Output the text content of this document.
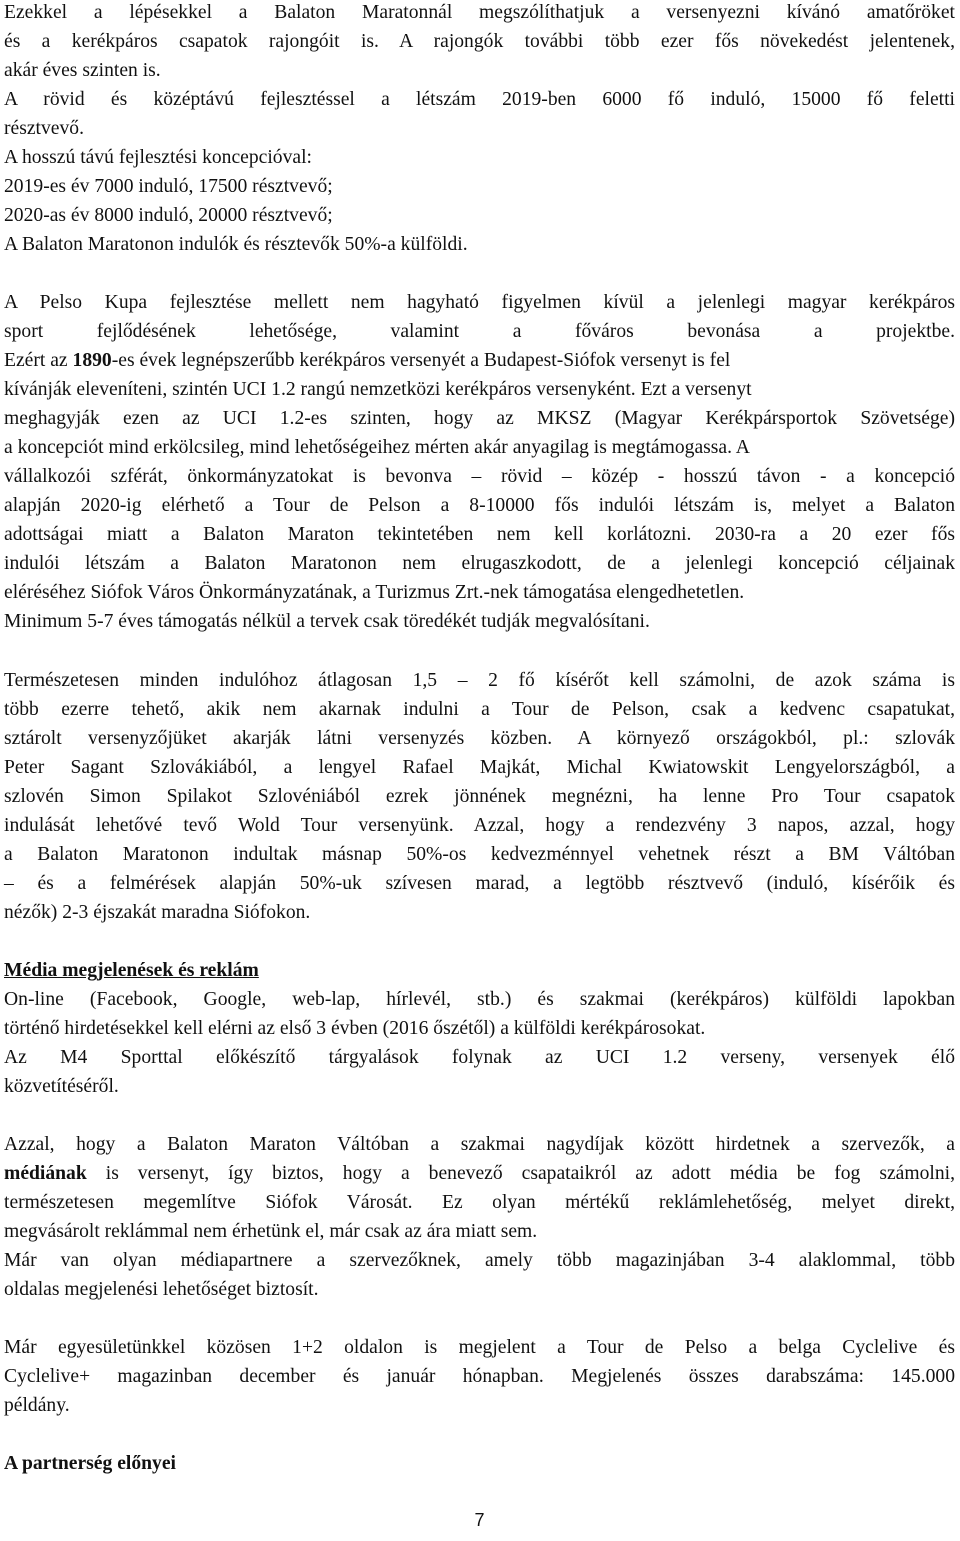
Ezekkel a lépésekkel a Balaton Maratonnál megszólíthatjuk a versenyezni kívánó amatőröket
és a kerékpáros csapatok rajongóit is. A rajongók további több ezer fős növekedést jelentenek,
akár éves szinten is.
A rövid és középtávú fejlesztéssel a létszám 2019-ben 6000 fő induló, 15000 fő feletti
résztvevő.
A hosszú távú fejlesztési koncepcióval:
2019-es év 7000 induló, 17500 résztvevő;
2020-as év 8000 induló, 20000 résztvevő;
A Balaton Maratonon indulók és résztevők 50%-a külföldi.
A Pelso Kupa fejlesztése mellett nem hagyható figyelmen kívül a jelenlegi magyar kerékpáros
sport fejlődésének lehetősége, valamint a főváros bevonása a projektbe.
Ezért az 1890-es évek legnépszerűbb kerékpáros versenyét a Budapest-Siófok versenyt is fel
kívánják eleveníteni, szintén UCI 1.2 rangú nemzetközi kerékpáros versenyként. Ezt a versenyt
meghagyják ezen az UCI 1.2-es szinten, hogy az MKSZ (Magyar Kerékpársportok Szövetsége)
a koncepciót mind erkölcsileg, mind lehetőségeihez mérten akár anyagilag is megtámogassa. A
vállalkozói szférát, önkormányzatokat is bevonva – rövid – közép - hosszú távon - a koncepció
alapján 2020-ig elérhető a Tour de Pelson a 8-10000 fős indulói létszám is, melyet a Balaton
adottságai miatt a Balaton Maraton tekintetében nem kell korlátozni. 2030-ra a 20 ezer fős
indulói létszám a Balaton Maratonon nem elrugaszkodott, de a jelenlegi koncepció céljainak
eléréséhez Siófok Város Önkormányzatának, a Turizmus Zrt.-nek támogatása elengedhetetlen.
Minimum 5-7 éves támogatás nélkül a tervek csak töredékét tudják megvalósítani.
Természetesen minden indulóhoz átlagosan 1,5 – 2 fő kísérőt kell számolni, de azok száma is
több ezerre tehető, akik nem akarnak indulni a Tour de Pelson, csak a kedvenc csapatukat,
sztárolt versenyzőjüket akarják látni versenyzés közben. A környező országokból, pl.: szlovák
Peter Sagant Szlovákiából, a lengyel Rafael Majkát, Michal Kwiatowskit Lengyelországból, a
szlovén Simon Spilakot Szlovéniából ezrek jönnének megnézni, ha lenne Pro Tour csapatok
indulását lehetővé tevő Wold Tour versenyünk. Azzal, hogy a rendezvény 3 napos, azzal, hogy
a Balaton Maratonon indultak másnap 50%-os kedvezménnyel vehetnek részt a BM Váltóban
– és a felmérések alapján 50%-uk szívesen marad, a legtöbb résztvevő (induló, kísérőik és
nézők) 2-3 éjszakát maradna Siófokon.
Média megjelenések és reklám
On-line (Facebook, Google, web-lap, hírlevél, stb.) és szakmai (kerékpáros) külföldi lapokban
történő hirdetésekkel kell elérni az első 3 évben (2016 őszétől) a külföldi kerékpárosokat.
Az M4 Sporttal előkészítő tárgyalások folynak az UCI 1.2 verseny, versenyek élő
közvetítéséről.
Azzal, hogy a Balaton Maraton Váltóban a szakmai nagydíjak között hirdetnek a szervezők, a
médiának is versenyt, így biztos, hogy a benevező csapataikról az adott média be fog számolni,
természetesen megemlítve Siófok Városát. Ez olyan mértékű reklámlehetőség, melyet direkt,
megvásárolt reklámmal nem érhetünk el, már csak az ára miatt sem.
Már van olyan médiapartnere a szervezőknek, amely több magazinjában 3-4 alaklommal, több
oldalas megjelenési lehetőséget biztosít.
Már egyesületünkkel közösen 1+2 oldalon is megjelent a Tour de Pelso a belga Cyclelive és
Cyclelive+ magazinban december és január hónapban. Megjelenés összes darabszáma: 145.000
példány.
A partnerség előnyei
7
